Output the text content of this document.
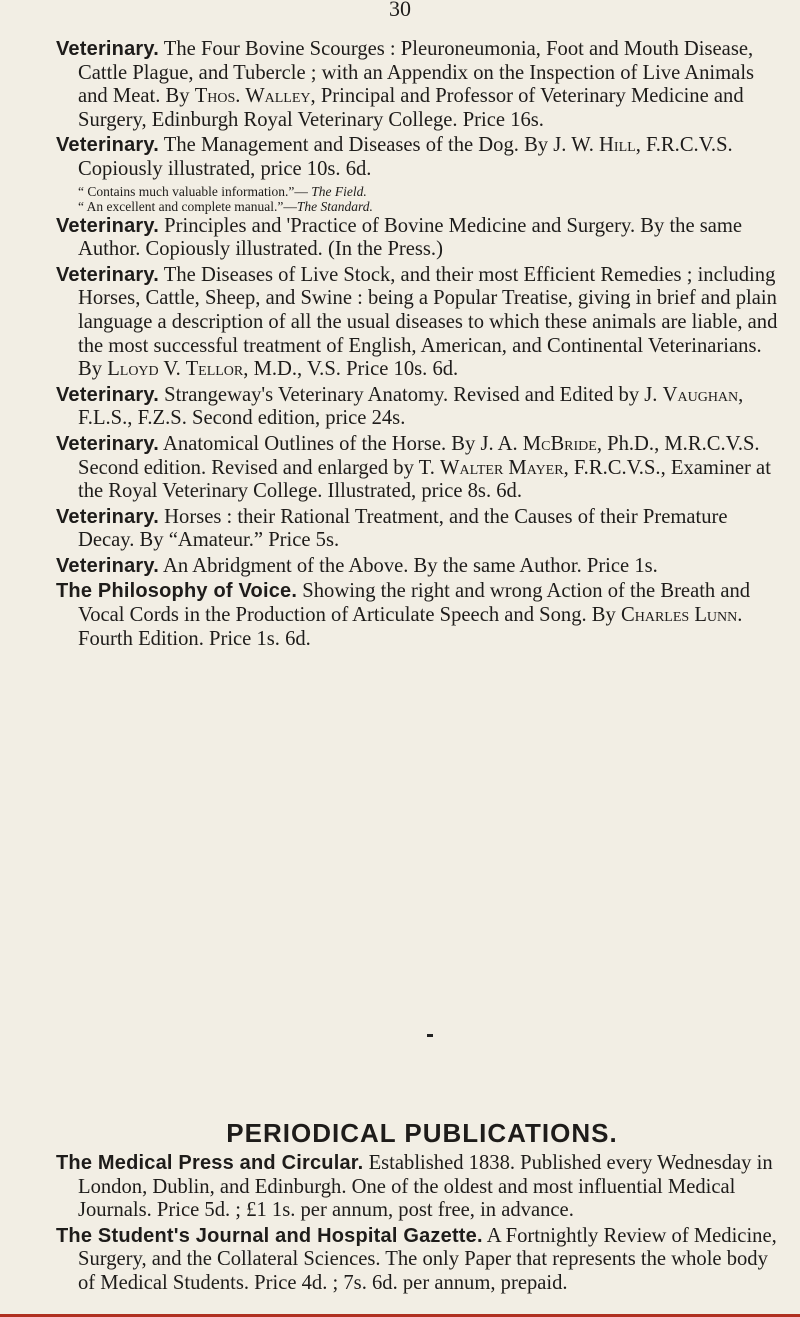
30

Veterinary. The Four Bovine Scourges : Pleuroneumonia, Foot and Mouth Disease, Cattle Plague, and Tubercle ; with an Appendix on the Inspection of Live Animals and Meat. By Thos. Walley, Principal and Professor of Veterinary Medicine and Surgery, Edinburgh Royal Veterinary College. Price 16s.

Veterinary. The Management and Diseases of the Dog. By J. W. Hill, F.R.C.V.S. Copiously illustrated, price 10s. 6d.

“ Contains much valuable information.”— The Field.

“ An excellent and complete manual.”—The Standard.

Veterinary. Principles and 'Practice of Bovine Medicine and Surgery. By the same Author. Copiously illustrated. (In the Press.)

Veterinary. The Diseases of Live Stock, and their most Efficient Remedies ; including Horses, Cattle, Sheep, and Swine : being a Popular Treatise, giving in brief and plain language a description of all the usual diseases to which these animals are liable, and the most successful treatment of English, American, and Continental Veterinarians. By Lloyd V. Tellor, M.D., V.S. Price 10s. 6d.

Veterinary. Strangeway's Veterinary Anatomy. Revised and Edited by J. Vaughan, F.L.S., F.Z.S. Second edition, price 24s.

Veterinary. Anatomical Outlines of the Horse. By J. A. McBride, Ph.D., M.R.C.V.S. Second edition. Revised and enlarged by T. Walter Mayer, F.R.C.V.S., Examiner at the Royal Veterinary College. Illustrated, price 8s. 6d.

Veterinary. Horses : their Rational Treatment, and the Causes of their Premature Decay. By “Amateur.” Price 5s.

Veterinary. An Abridgment of the Above. By the same Author. Price 1s.

The Philosophy of Voice. Showing the right and wrong Action of the Breath and Vocal Cords in the Production of Articulate Speech and Song. By Charles Lunn. Fourth Edition. Price 1s. 6d.

PERIODICAL PUBLICATIONS.

The Medical Press and Circular. Established 1838. Published every Wednesday in London, Dublin, and Edinburgh. One of the oldest and most influential Medical Journals. Price 5d. ; £1 1s. per annum, post free, in advance.

The Student's Journal and Hospital Gazette. A Fortnightly Review of Medicine, Surgery, and the Collateral Sciences. The only Paper that represents the whole body of Medical Students. Price 4d. ; 7s. 6d. per annum, prepaid.
